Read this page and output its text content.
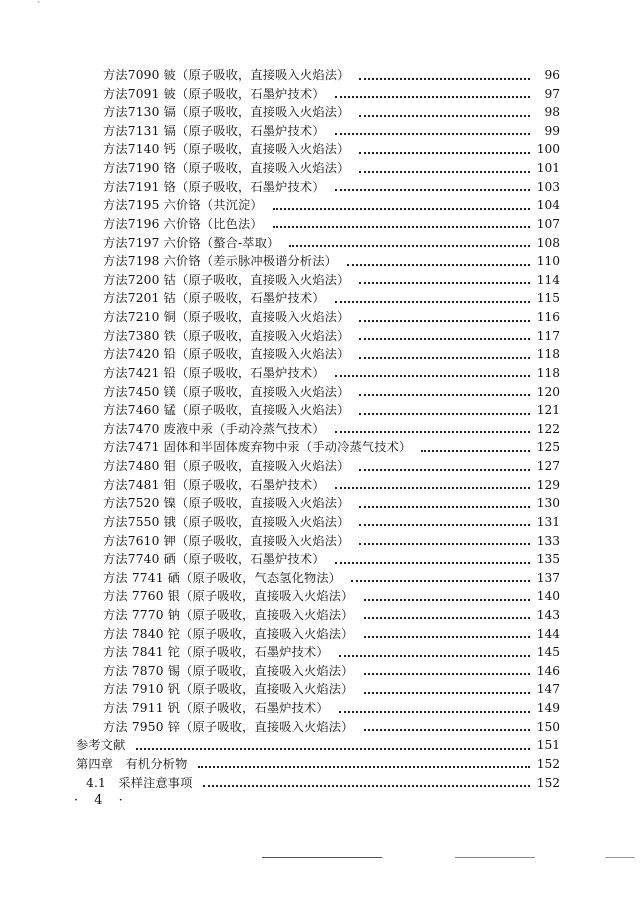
方法7090 铍（原子吸收，直接吸入火焰法）	96
方法7091 铍（原子吸收，石墨炉技术）	97
方法7130 镉（原子吸收，直接吸入火焰法）	98
方法7131 镉（原子吸收，石墨炉技术）	99
方法7140 钙（原子吸收，直接吸入火焰法）	100
方法7190 铬（原子吸收，直接吸入火焰法）	101
方法7191 铬（原子吸收，石墨炉技术）	103
方法7195 六价铬（共沉淀）	104
方法7196 六价铬（比色法）	107
方法7197 六价铬（螯合-萃取）	108
方法7198 六价铬（差示脉冲极谱分析法）	110
方法7200 钴（原子吸收，直接吸入火焰法）	114
方法7201 钴（原子吸收，石墨炉技术）	115
方法7210 铜（原子吸收，直接吸入火焰法）	116
方法7380 铁（原子吸收，直接吸入火焰法）	117
方法7420 铅（原子吸收，直接吸入火焰法）	118
方法7421 铅（原子吸收，石墨炉技术）	118
方法7450 镁（原子吸收，直接吸入火焰法）	120
方法7460 锰（原子吸收，直接吸入火焰法）	121
方法7470 废液中汞（手动冷蒸气技术）	122
方法7471 固体和半固体废弃物中汞（手动冷蒸气技术）	125
方法7480 钼（原子吸收，直接吸入火焰法）	127
方法7481 钼（原子吸收，石墨炉技术）	129
方法7520 镍（原子吸收，直接吸入火焰法）	130
方法7550 锇（原子吸收，直接吸入火焰法）	131
方法7610 钾（原子吸收，直接吸入火焰法）	133
方法7740 硒（原子吸收，石墨炉技术）	135
方法 7741 硒（原子吸收，气态氢化物法）	137
方法 7760 银（原子吸收，直接吸入火焰法）	140
方法 7770 钠（原子吸收，直接吸入火焰法）	143
方法 7840 铊（原子吸收，直接吸入火焰法）	144
方法 7841 铊（原子吸收，石墨炉技术）	145
方法 7870 锡（原子吸收，直接吸入火焰法）	146
方法 7910 钒（原子吸收，直接吸入火焰法）	147
方法 7911 钒（原子吸收，石墨炉技术）	149
方法 7950 锌（原子吸收，直接吸入火焰法）	150
参考文献	151
第四章　有机分析物	152
4.1　采样注意事项	152
· 4 ·
ˊ
